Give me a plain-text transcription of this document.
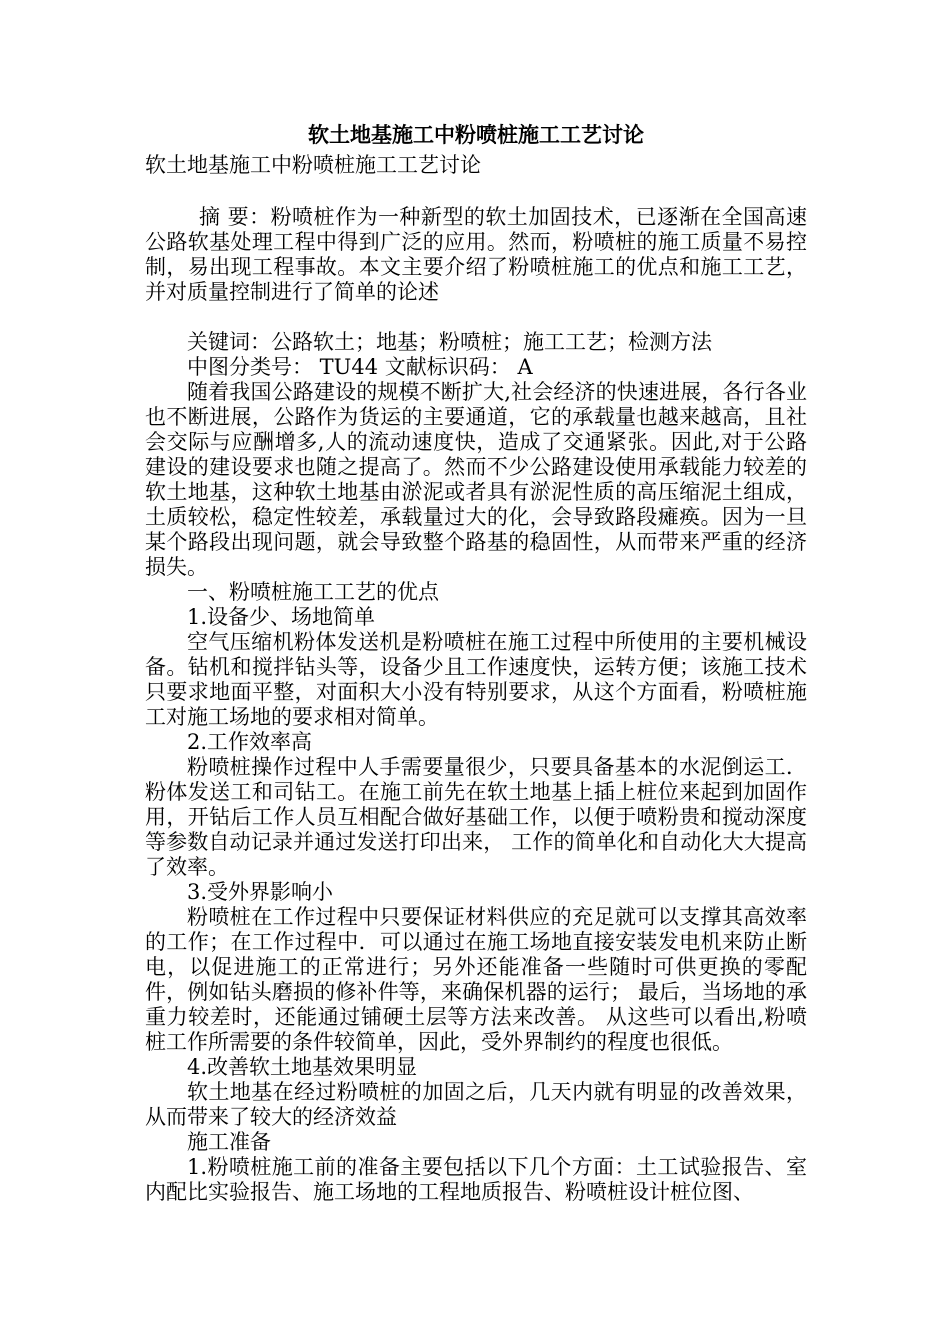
软土地基施工中粉喷桩施工工艺讨论

软土地基施工中粉喷桩施工工艺讨论

摘 要：粉喷桩作为一种新型的软土加固技术，已逐渐在全国高速公路软基处理工程中得到广泛的应用。然而，粉喷桩的施工质量不易控制，易出现工程事故。本文主要介绍了粉喷桩施工的优点和施工工艺，并对质量控制进行了简单的论述

关键词：公路软土；地基；粉喷桩；施工工艺；检测方法

中图分类号： TU44 文献标识码： A

随着我国公路建设的规模不断扩大,社会经济的快速进展，各行各业也不断进展，公路作为货运的主要通道，它的承载量也越来越高，且社会交际与应酬增多,人的流动速度快，造成了交通紧张。因此,对于公路建设的建设要求也随之提高了。然而不少公路建设使用承载能力较差的软土地基，这种软土地基由淤泥或者具有淤泥性质的高压缩泥土组成，土质较松，稳定性较差，承载量过大的化，会导致路段瘫痪。因为一旦某个路段出现问题，就会导致整个路基的稳固性，从而带来严重的经济损失。

一、粉喷桩施工工艺的优点

1.设备少、场地简单

空气压缩机粉体发送机是粉喷桩在施工过程中所使用的主要机械设备。钻机和搅拌钻头等，设备少且工作速度快，运转方便；该施工技术只要求地面平整，对面积大小没有特别要求，从这个方面看，粉喷桩施工对施工场地的要求相对简单。

2.工作效率高

粉喷桩操作过程中人手需要量很少，只要具备基本的水泥倒运工．粉体发送工和司钻工。在施工前先在软土地基上插上桩位来起到加固作用，开钻后工作人员互相配合做好基础工作，以便于喷粉贵和搅动深度等参数自动记录并通过发送打印出来， 工作的简单化和自动化大大提高了效率。

3.受外界影响小

粉喷桩在工作过程中只要保证材料供应的充足就可以支撑其高效率的工作；在工作过程中．可以通过在施工场地直接安装发电机来防止断电，以促进施工的正常进行；另外还能准备一些随时可供更换的零配件，例如钻头磨损的修补件等，来确保机器的运行； 最后，当场地的承重力较差时，还能通过铺硬土层等方法来改善。 从这些可以看出,粉喷桩工作所需要的条件较简单，因此，受外界制约的程度也很低。

4.改善软土地基效果明显

软土地基在经过粉喷桩的加固之后，几天内就有明显的改善效果，从而带来了较大的经济效益

施工准备

1.粉喷桩施工前的准备主要包括以下几个方面：土工试验报告、室内配比实验报告、施工场地的工程地质报告、粉喷桩设计桩位图、
